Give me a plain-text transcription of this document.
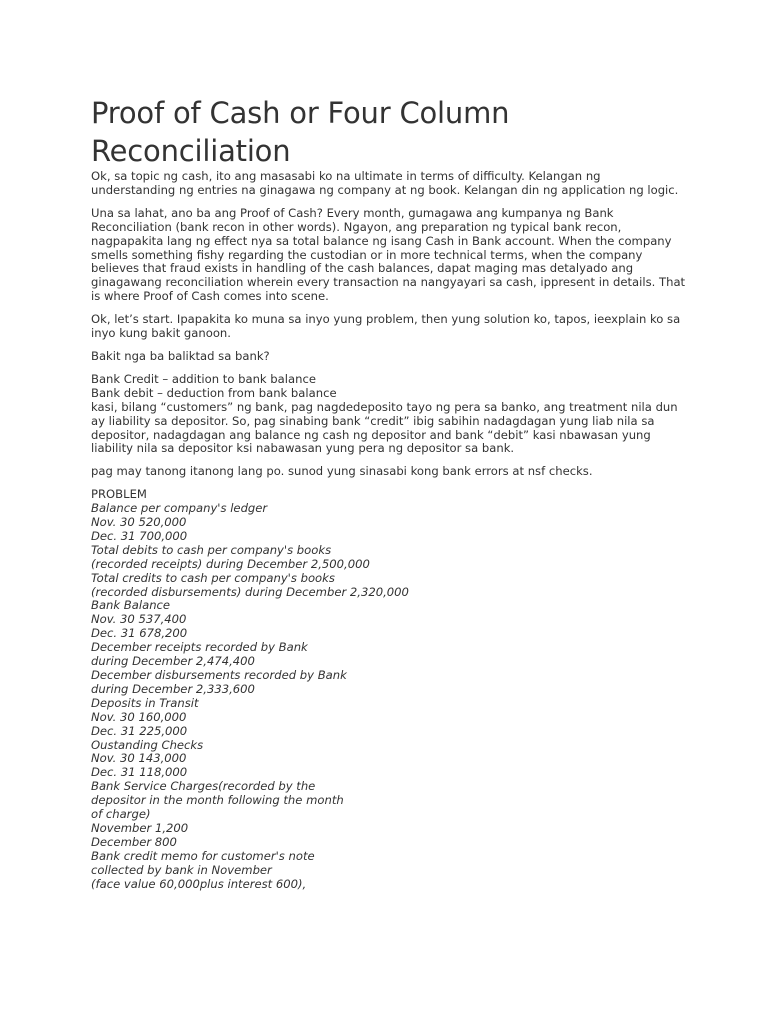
Proof of Cash or Four Column
Reconciliation

Ok, sa topic ng cash, ito ang masasabi ko na ultimate in terms of difficulty. Kelangan ng
understanding ng entries na ginagawa ng company at ng book. Kelangan din ng application ng logic.

Una sa lahat, ano ba ang Proof of Cash? Every month, gumagawa ang kumpanya ng Bank
Reconciliation (bank recon in other words). Ngayon, ang preparation ng typical bank recon,
nagpapakita lang ng effect nya sa total balance ng isang Cash in Bank account. When the company
smells something fishy regarding the custodian or in more technical terms, when the company
believes that fraud exists in handling of the cash balances, dapat maging mas detalyado ang
ginagawang reconciliation wherein every transaction na nangyayari sa cash, ippresent in details. That
is where Proof of Cash comes into scene.

Ok, let’s start. Ipapakita ko muna sa inyo yung problem, then yung solution ko, tapos, ieexplain ko sa
inyo kung bakit ganoon.

Bakit nga ba baliktad sa bank?

Bank Credit – addition to bank balance
Bank debit – deduction from bank balance
kasi, bilang “customers” ng bank, pag nagdedeposito tayo ng pera sa banko, ang treatment nila dun
ay liability sa depositor. So, pag sinabing bank “credit” ibig sabihin nadagdagan yung liab nila sa
depositor, nadagdagan ang balance ng cash ng depositor and bank “debit” kasi nbawasan yung
liability nila sa depositor ksi nabawasan yung pera ng depositor sa bank.

pag may tanong itanong lang po. sunod yung sinasabi kong bank errors at nsf checks.

PROBLEM
Balance per company's ledger
Nov. 30 520,000
Dec. 31 700,000
Total debits to cash per company's books
(recorded receipts) during December 2,500,000
Total credits to cash per company's books
(recorded disbursements) during December 2,320,000
Bank Balance
Nov. 30 537,400
Dec. 31 678,200
December receipts recorded by Bank
during December 2,474,400
December disbursements recorded by Bank
during December 2,333,600
Deposits in Transit
Nov. 30 160,000
Dec. 31 225,000
Oustanding Checks
Nov. 30 143,000
Dec. 31 118,000
Bank Service Charges(recorded by the
depositor in the month following the month
of charge)
November 1,200
December 800
Bank credit memo for customer's note
collected by bank in November
(face value 60,000plus interest 600),
